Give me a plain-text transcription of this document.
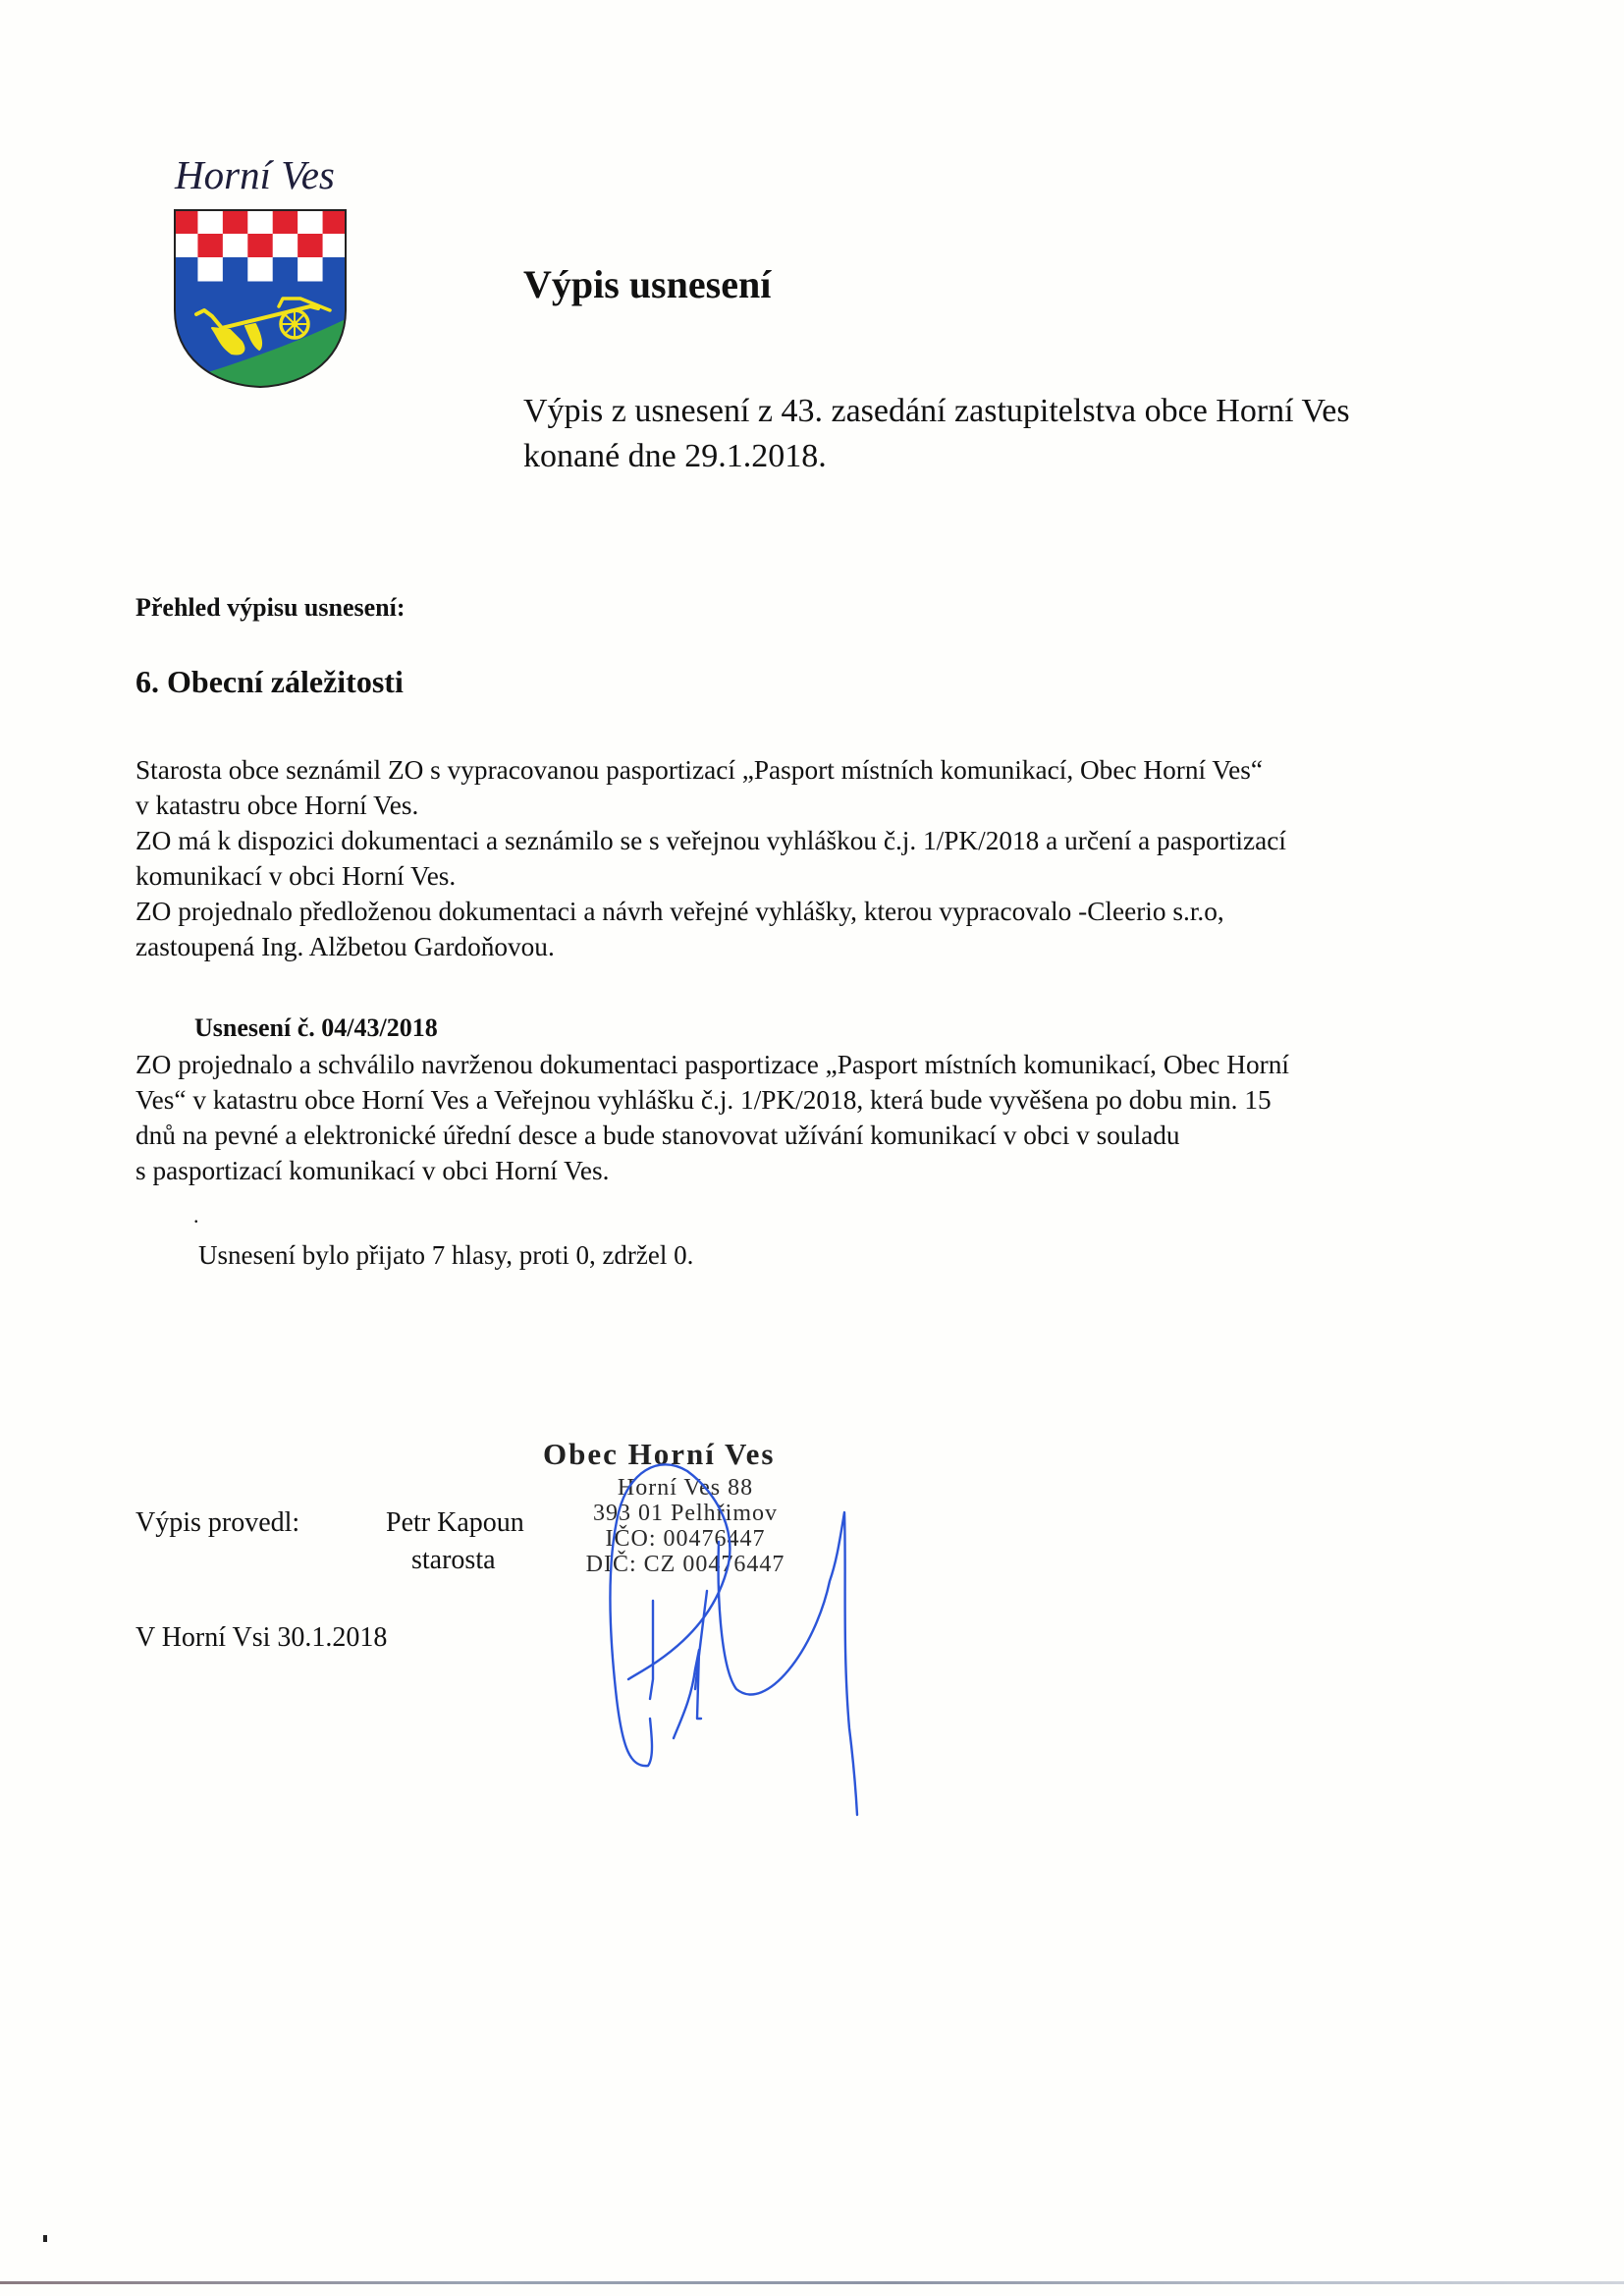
Horní Ves
Výpis usnesení
Výpis z usnesení z 43. zasedání zastupitelstva obce Horní Ves
konané dne 29.1.2018.
Přehled výpisu usnesení:
6. Obecní záležitosti
Starosta obce seznámil ZO s vypracovanou pasportizací „Pasport místních komunikací, Obec Horní Ves“
v katastru obce Horní Ves.
ZO má k dispozici dokumentaci a seznámilo se s veřejnou vyhláškou č.j. 1/PK/2018 a určení a pasportizací
komunikací v obci Horní Ves.
ZO projednalo předloženou dokumentaci a návrh veřejné vyhlášky, kterou vypracovalo -Cleerio s.r.o,
zastoupená Ing. Alžbetou Gardoňovou.
Usnesení č. 04/43/2018
ZO projednalo a schválilo navrženou dokumentaci pasportizace „Pasport místních komunikací, Obec Horní
Ves“ v katastru obce Horní Ves a Veřejnou vyhlášku č.j. 1/PK/2018, která bude vyvěšena po dobu min. 15
dnů na pevné a elektronické úřední desce a bude stanovovat užívání komunikací v obci v souladu
s pasportizací komunikací v obci Horní Ves.
.
Usnesení bylo přijato 7 hlasy, proti 0, zdržel 0.
Výpis provedl:	Petr Kapoun
starosta
V Horní Vsi 30.1.2018
Obec Horní Ves
Horní Ves 88
393 01 Pelhřimov
IČO: 00476447
DIČ: CZ 00476447
